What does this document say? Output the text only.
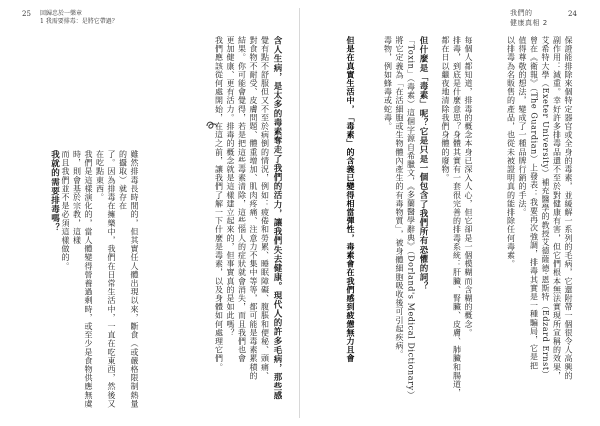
25 回歸忠於一樂章
1 我需要排毒：是將它帶過？

含人生病，是太多的毒素奪走了我們的活力，讓我們失去健康。現代人的許多毛病，那些感

覺有點不舒服但又不至於病倒的情況，例如：疲倦和勞累、睡眠障礙、腹脹和便秘、頭痛、

對食物不耐受、皮膚問題、體重增加、肌肉疼痛、注意力不集中等等，都可能是毒素累積的

結果。你可能會覺得，若是把這些毒素清除，這些惱人的症狀就會消失，而且我們也會

更加健康、更有活力。排毒的概念就是這樣建立起來的，但事實真的是如此嗎？

我們應該從何處開始，在這之前，讓我們了解一下什麼是毒素，以及身體如何處理它們。

雖然排毒長時間的，但其實任人體出現以來，斷食（或嚴格限制熱量的攝取）就存在

了。因為排毒在擁樂中，我們在日常生活中，一直在吃東西，然後又在吃點東西。

我們是這樣演化的，當人體變得營養過剩時，或至少是食物供應無虞時，則會基於宗教，這樣

而且我們並不是必須這樣做的。

我就的需要排毒嗎？

24
我們的
健康真相 2

保證能排除來個特定器官或全身的毒素，並緩解一系列的毛病，它還附帶一個很令人高興的

副作用：減重。幸好許多排毒品還不至於對健康有害，但它們根本無法實現所宣稱的效果，

艾希特大學（Exeter University）補充醫學的教授艾德薩德·恩斯特（Edzard Ernst）

曾在《衛報》（The Guardian）上發表：我要再次強調，排毒其實是一種騙局，它是把

值得尊敬的想法，變成了一種品牌行銷的手法。

以排毒為名販售的產品，也從未被證明真的能排除任何毒素。

每個人都知道，排毒的概念本身已深入人心，但它卻是一個模糊而含糊的概念。

排毒，到底是什麼意思？身體其實有一套很完善的排毒系統：肝臟、腎臟、皮膚、肺臟和腸道，

都在日以繼夜地清除我們身體的廢物。

但什麼是「毒素」呢？它是只是一個包含了我們所有恐懼的詞？

「Toxin」（毒素）這個字源自希臘文，《多蘭醫學辭典》（Dorland's Medical Dictionary）

將它定義為「在活細胞或生物體內產生的有毒物質」，被身體細胞吸收後可引起疾病。

毒物，例如蜂毒或蛇毒。

但是在真實生活中，「毒素」的含義已變得相當彈性，毒素會在我們感到疲憊無力且會
